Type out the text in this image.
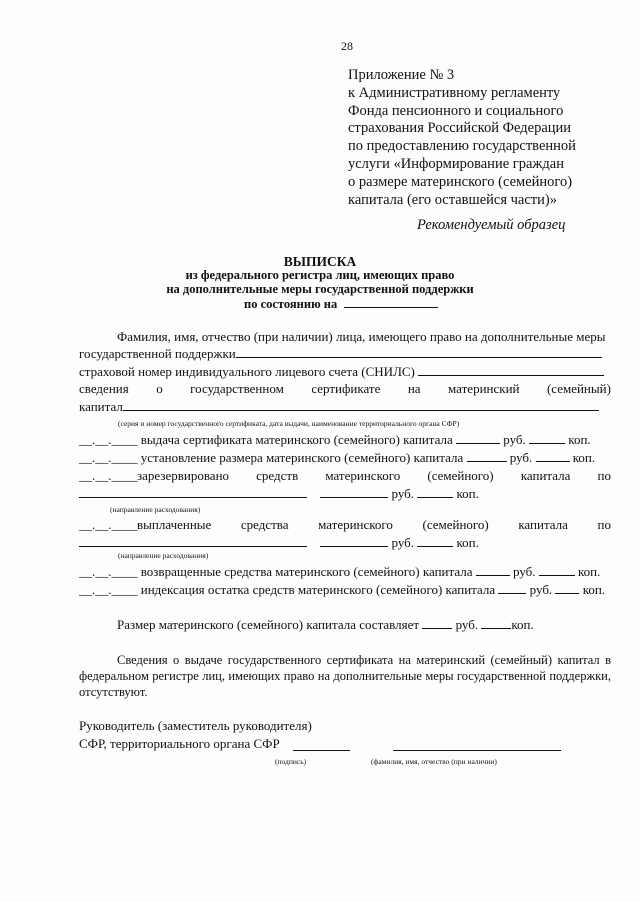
28
Приложение № 3
к Административному регламенту
Фонда пенсионного и социального
страхования Российской Федерации
по предоставлению государственной
услуги «Информирование граждан
о размере материнского (семейного)
капитала (его оставшейся части)»
Рекомендуемый образец
ВЫПИСКА
из федерального регистра лиц, имеющих право
на дополнительные меры государственной поддержки
по состоянию на
Фамилия, имя, отчество (при наличии) лица, имеющего право на дополнительные меры
государственной поддержки
страховой номер индивидуального лицевого счета (СНИЛС)
сведения о государственном сертификате на материнский (семейный)
капитал
(серия и номер государственного сертификата, дата выдачи, наименование территориального органа СФР)
__.__.____ выдача сертификата материнского (семейного) капитала	руб.	коп.
__.__.____ установление размера материнского (семейного) капитала	руб.	коп.
__.__.____ зарезервировано средств материнского (семейного) капитала по
руб.	коп.
(направление расходования)
__.__.____ выплаченные средства материнского (семейного) капитала по
руб.	коп.
(направление расходования)
__.__.____ возвращенные средства материнского (семейного) капитала	руб.	коп.
__.__.____ индексация остатка средств материнского (семейного) капитала	руб. коп.
Размер материнского (семейного) капитала составляет	руб.	коп.
Сведения о выдаче государственного сертификата на материнский (семейный) капитал в федеральном регистре лиц, имеющих право на дополнительные меры государственной поддержки, отсутствуют.
Руководитель (заместитель руководителя)
СФР, территориального органа СФР
(подпись)	(фамилия, имя, отчество (при наличии)
